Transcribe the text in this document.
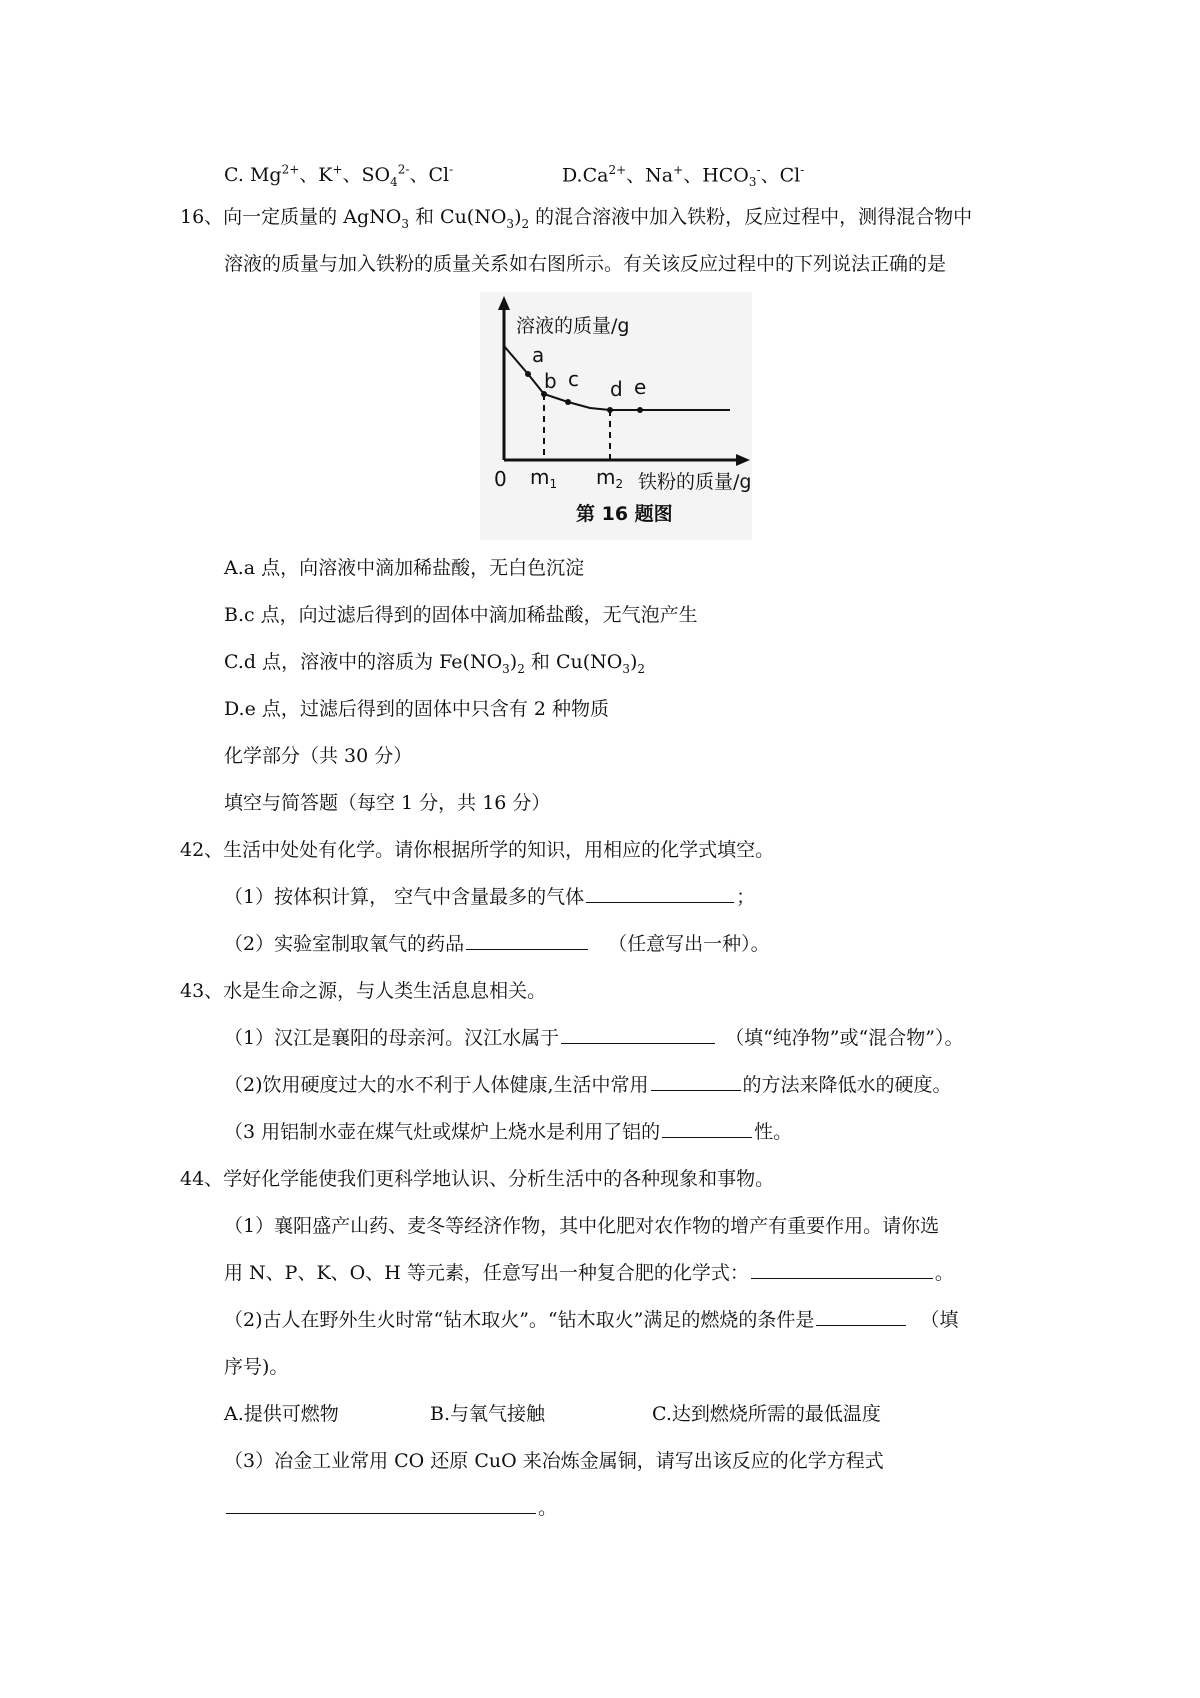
C. $Mg^{2+}$、K+、$SO_4^{2-}$、Cl-	$D.Ca^{2+}$、Na+、$HCO_3^-$、Cl-
16、向一定质量的 AgNO$_3$ 和 $Cu(NO_3)_2$ 的混合溶液中加入铁粉，反应过程中，测得混合物中
溶液的质量与加入铁粉的质量关系如右图所示。有关该反应过程中的下列说法正确的是
溶液的质量/g
a
b c d e
0 $m_1$ $m_2$ 铁粉的质量/g
第 16 题图
A.a 点，向溶液中滴加稀盐酸，无白色沉淀
B.c 点，向过滤后得到的固体中滴加稀盐酸，无气泡产生
C.d 点，溶液中的溶质为 $Fe(NO_3)_2$ 和 $Cu(NO_3)_2$
D.e 点，过滤后得到的固体中只含有 2 种物质
化学部分（共 30 分）
填空与简答题（每空 1 分，共 16 分）
42、生活中处处有化学。请你根据所学的知识，用相应的化学式填空。
（1）按体积计算， 空气中含量最多的气体	；
（2）实验室制取氧气的药品	（任意写出一种）。
43、水是生命之源，与人类生活息息相关。
（1）汉江是襄阳的母亲河。汉江水属于	（填“纯净物”或“混合物”）。
（2)饮用硬度过大的水不利于人体健康,生活中常用	的方法来降低水的硬度。
（3 用铝制水壶在煤气灶或煤炉上烧水是利用了铝的	性。
44、学好化学能使我们更科学地认识、分析生活中的各种现象和事物。
（1）襄阳盛产山药、麦冬等经济作物，其中化肥对农作物的增产有重要作用。请你选
用 N、P、K、O、H 等元素，任意写出一种复合肥的化学式：	。
（2)古人在野外生火时常“钻木取火”。“钻木取火”满足的燃烧的条件是	（填
序号)。
A.提供可燃物	B.与氧气接触	C.达到燃烧所需的最低温度
（3）冶金工业常用 CO 还原 CuO 来冶炼金属铜，请写出该反应的化学方程式
。
